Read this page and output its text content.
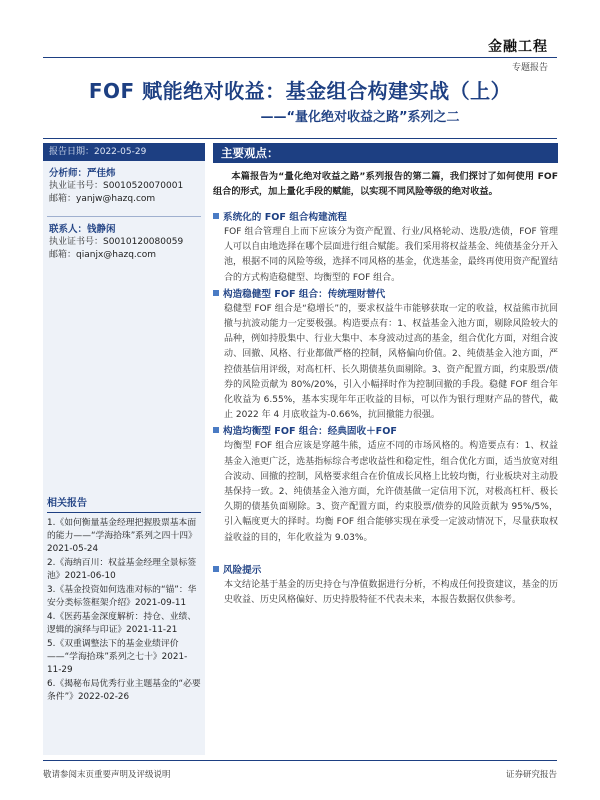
金融工程
专题报告
FOF 赋能绝对收益：基金组合构建实战（上）
——“量化绝对收益之路”系列之二
报告日期：2022-05-29
分析师：严佳炜
执业证书号：S0010520070001
邮箱：yanjw@hazq.com
联系人：钱静闲
执业证书号：S0010120080059
邮箱：qianjx@hazq.com
相关报告
1.《如何衡量基金经理把握股票基本面的能力——“学海拾珠”系列之四十四》2021-05-24
2.《海纳百川：权益基金经理全景标签池》2021-06-10
3.《基金投资如何选准对标的“锚”：华安分类标签框架介绍》2021-09-11
4.《医药基金深度解析：持仓、业绩、逻辑的演绎与印证》2021-11-21
5.《双重调整法下的基金业绩评价——“学海拾珠”系列之七十》2021-11-29
6.《揭秘布局优秀行业主题基金的“必要条件”》2022-02-26
主要观点：
本篇报告为“量化绝对收益之路”系列报告的第二篇，我们探讨了如何使用 FOF 组合的形式，加上量化手段的赋能，以实现不同风险等级的绝对收益。
系统化的 FOF 组合构建流程
FOF 组合管理自上而下应该分为资产配置、行业/风格轮动、选股/选债，FOF 管理人可以自由地选择在哪个层面进行组合赋能。我们采用将权益基金、纯债基金分开入池，根据不同的风险等级，选择不同风格的基金，优选基金，最终再使用资产配置结合的方式构造稳健型、均衡型的 FOF 组合。
构造稳健型 FOF 组合：传统理财替代
稳健型 FOF 组合是“稳增长”的，要求权益牛市能够获取一定的收益，权益熊市抗回撤与抗波动能力一定要极强。构造要点有：1、权益基金入池方面，剔除风险较大的品种，例如持股集中、行业大集中、本身波动过高的基金，组合优化方面，对组合波动、回撤、风格、行业都做严格的控制，风格偏向价值。2、纯债基金入池方面，严控债基信用评级，对高杠杆、长久期债基负面剔除。3、资产配置方面，约束股票/债券的风险贡献为 80%/20%，引入小幅择时作为控制回撤的手段。稳健 FOF 组合年化收益为 6.55%，基本实现年年正收益的目标，可以作为银行理财产品的替代，截止 2022 年 4 月底收益为-0.66%，抗回撤能力很强。
构造均衡型 FOF 组合：经典固收＋FOF
均衡型 FOF 组合应该是穿越牛熊，适应不同的市场风格的。构造要点有：1、权益基金入池更广泛，选基指标综合考虑收益性和稳定性，组合优化方面，适当放宽对组合波动、回撤的控制，风格要求组合在价值成长风格上比较均衡，行业板块对主动股基保持一致。2、纯债基金入池方面，允许债基做一定信用下沉，对极高杠杆、极长久期的债基负面剔除。3、资产配置方面，约束股票/债券的风险贡献为 95%/5%，引入幅度更大的择时。均衡 FOF 组合能够实现在承受一定波动情况下，尽量获取权益收益的目的，年化收益为 9.03%。
风险提示
本文结论基于基金的历史持仓与净值数据进行分析，不构成任何投资建议，基金的历史收益、历史风格偏好、历史持股特征不代表未来，本报告数据仅供参考。
敬请参阅末页重要声明及评级说明	证券研究报告
